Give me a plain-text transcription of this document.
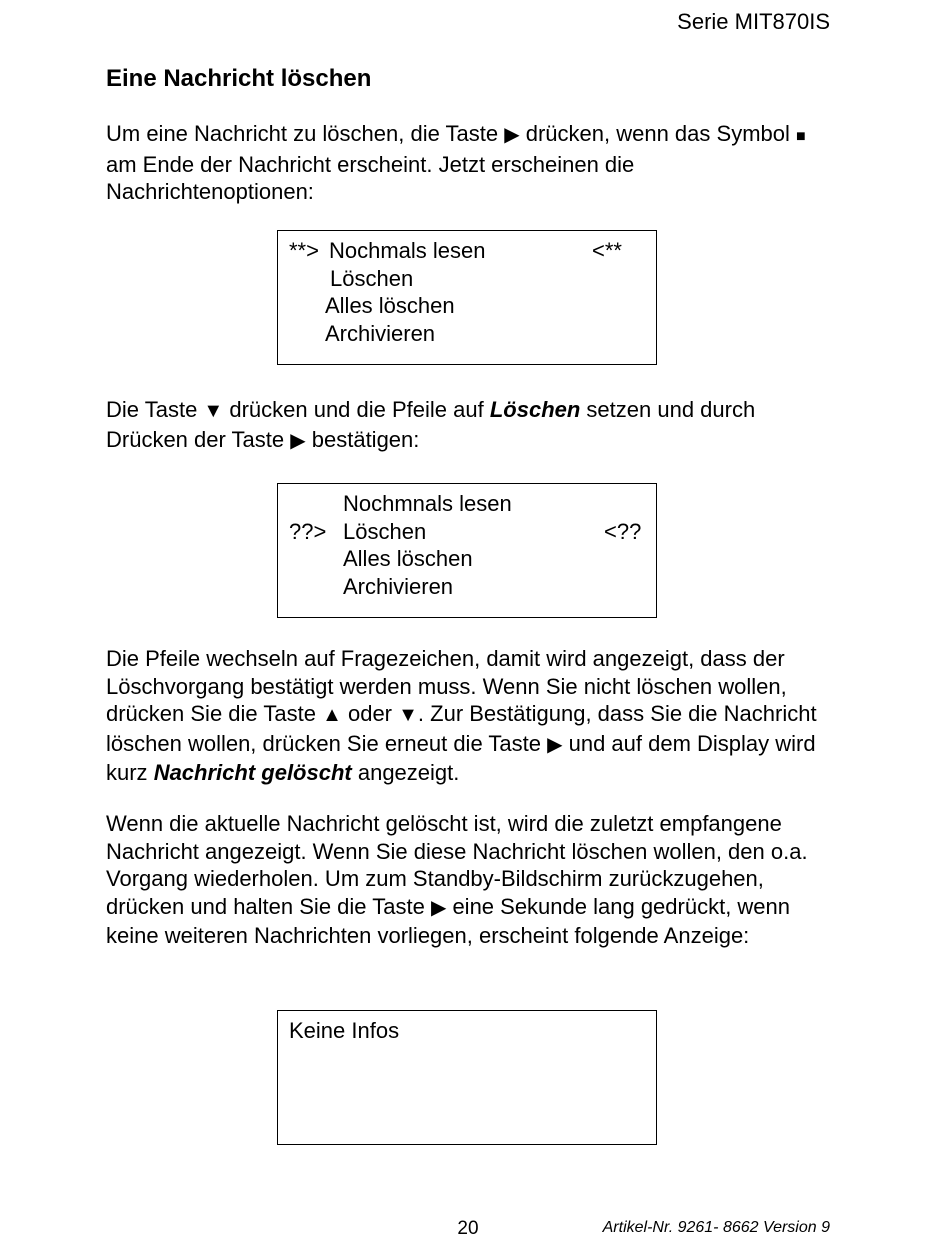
Serie MIT870IS
Eine Nachricht löschen

Um eine Nachricht zu löschen, die Taste ▶ drücken, wenn das Symbol ■ am Ende der Nachricht erscheint. Jetzt erscheinen die Nachrichtenoptionen:

**> Nochmals lesen	<**
Löschen
Alles löschen
Archivieren

Die Taste ▼ drücken und die Pfeile auf Löschen setzen und durch Drücken der Taste ▶ bestätigen:

Nochmnals lesen
??> Löschen	<??
Alles löschen
Archivieren

Die Pfeile wechseln auf Fragezeichen, damit wird angezeigt, dass der Löschvorgang bestätigt werden muss. Wenn Sie nicht löschen wollen, drücken Sie die Taste ▲ oder ▼. Zur Bestätigung, dass Sie die Nachricht löschen wollen, drücken Sie erneut die Taste ▶ und auf dem Display wird kurz Nachricht gelöscht angezeigt.

Wenn die aktuelle Nachricht gelöscht ist, wird die zuletzt empfangene Nachricht angezeigt. Wenn Sie diese Nachricht löschen wollen, den o.a. Vorgang wiederholen. Um zum Standby-Bildschirm zurückzugehen, drücken und halten Sie die Taste ▶ eine Sekunde lang gedrückt, wenn keine weiteren Nachrichten vorliegen, erscheint folgende Anzeige:

Keine Infos
20	Artikel-Nr. 9261- 8662 Version 9
